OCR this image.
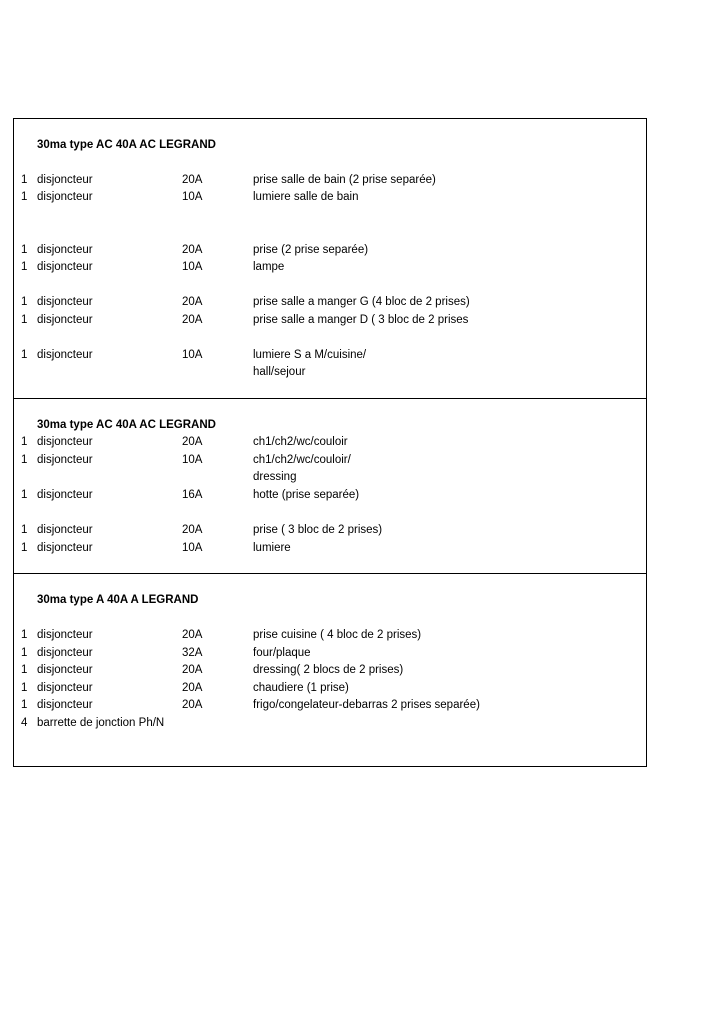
30ma type AC 40A AC LEGRAND
1 disjoncteur	20A	prise salle de bain (2 prise separée)
1 disjoncteur	10A	lumiere salle de bain
1 disjoncteur	20A	prise (2 prise separée)
1 disjoncteur	10A	lampe
1 disjoncteur	20A	prise salle a manger G (4 bloc de 2 prises)
1 disjoncteur	20A	prise salle a manger D ( 3 bloc de 2 prises
1 disjoncteur	10A	lumiere S a M/cuisine/
hall/sejour
30ma type AC 40A AC LEGRAND
1 disjoncteur	20A	ch1/ch2/wc/couloir
1 disjoncteur	10A	ch1/ch2/wc/couloir/
dressing
1 disjoncteur	16A	hotte (prise separée)
1 disjoncteur	20A	prise ( 3 bloc de 2 prises)
1 disjoncteur	10A	lumiere
30ma type A 40A A LEGRAND
1 disjoncteur	20A	prise cuisine ( 4 bloc de 2 prises)
1 disjoncteur	32A	four/plaque
1 disjoncteur	20A	dressing( 2 blocs de 2 prises)
1 disjoncteur	20A	chaudiere (1 prise)
1 disjoncteur	20A	frigo/congelateur-debarras 2 prises separée)
4 barrette de jonction Ph/N
